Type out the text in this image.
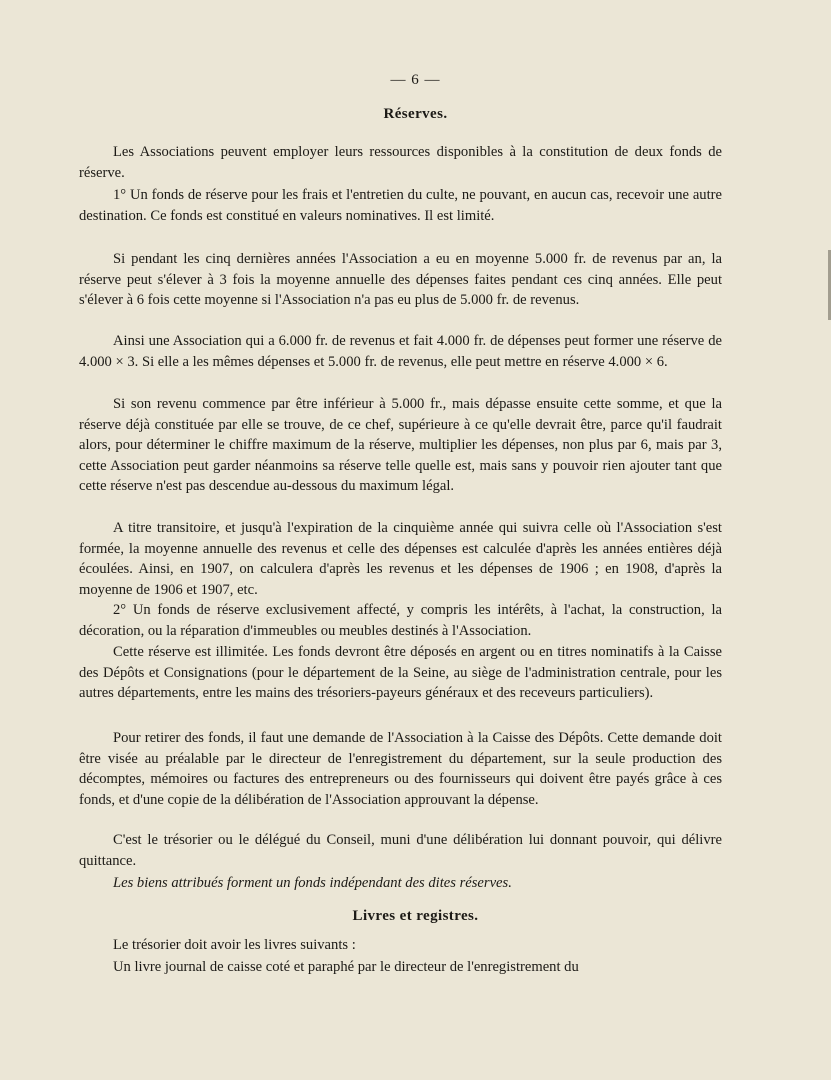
— 6 —
Réserves.
Les Associations peuvent employer leurs ressources disponibles à la constitution de deux fonds de réserve.
1° Un fonds de réserve pour les frais et l'entretien du culte, ne pouvant, en aucun cas, recevoir une autre destination. Ce fonds est constitué en valeurs nominatives. Il est limité.
Si pendant les cinq dernières années l'Association a eu en moyenne 5.000 fr. de revenus par an, la réserve peut s'élever à 3 fois la moyenne annuelle des dépenses faites pendant ces cinq années. Elle peut s'élever à 6 fois cette moyenne si l'Association n'a pas eu plus de 5.000 fr. de revenus.
Ainsi une Association qui a 6.000 fr. de revenus et fait 4.000 fr. de dépenses peut former une réserve de 4.000 × 3. Si elle a les mêmes dépenses et 5.000 fr. de revenus, elle peut mettre en réserve 4.000 × 6.
Si son revenu commence par être inférieur à 5.000 fr., mais dépasse ensuite cette somme, et que la réserve déjà constituée par elle se trouve, de ce chef, supérieure à ce qu'elle devrait être, parce qu'il faudrait alors, pour déterminer le chiffre maximum de la réserve, multiplier les dépenses, non plus par 6, mais par 3, cette Association peut garder néanmoins sa réserve telle quelle est, mais sans y pouvoir rien ajouter tant que cette réserve n'est pas descendue au-dessous du maximum légal.
A titre transitoire, et jusqu'à l'expiration de la cinquième année qui suivra celle où l'Association s'est formée, la moyenne annuelle des revenus et celle des dépenses est calculée d'après les années entières déjà écoulées. Ainsi, en 1907, on calculera d'après les revenus et les dépenses de 1906 ; en 1908, d'après la moyenne de 1906 et 1907, etc.
2° Un fonds de réserve exclusivement affecté, y compris les intérêts, à l'achat, la construction, la décoration, ou la réparation d'immeubles ou meubles destinés à l'Association.
Cette réserve est illimitée. Les fonds devront être déposés en argent ou en titres nominatifs à la Caisse des Dépôts et Consignations (pour le département de la Seine, au siège de l'administration centrale, pour les autres départements, entre les mains des trésoriers-payeurs généraux et des receveurs particuliers).
Pour retirer des fonds, il faut une demande de l'Association à la Caisse des Dépôts. Cette demande doit être visée au préalable par le directeur de l'enregistrement du département, sur la seule production des décomptes, mémoires ou factures des entrepreneurs ou des fournisseurs qui doivent être payés grâce à ces fonds, et d'une copie de la délibération de l'Association approuvant la dépense.
C'est le trésorier ou le délégué du Conseil, muni d'une délibération lui donnant pouvoir, qui délivre quittance.
Les biens attribués forment un fonds indépendant des dites réserves.
Livres et registres.
Le trésorier doit avoir les livres suivants :
Un livre journal de caisse coté et paraphé par le directeur de l'enregistrement du
